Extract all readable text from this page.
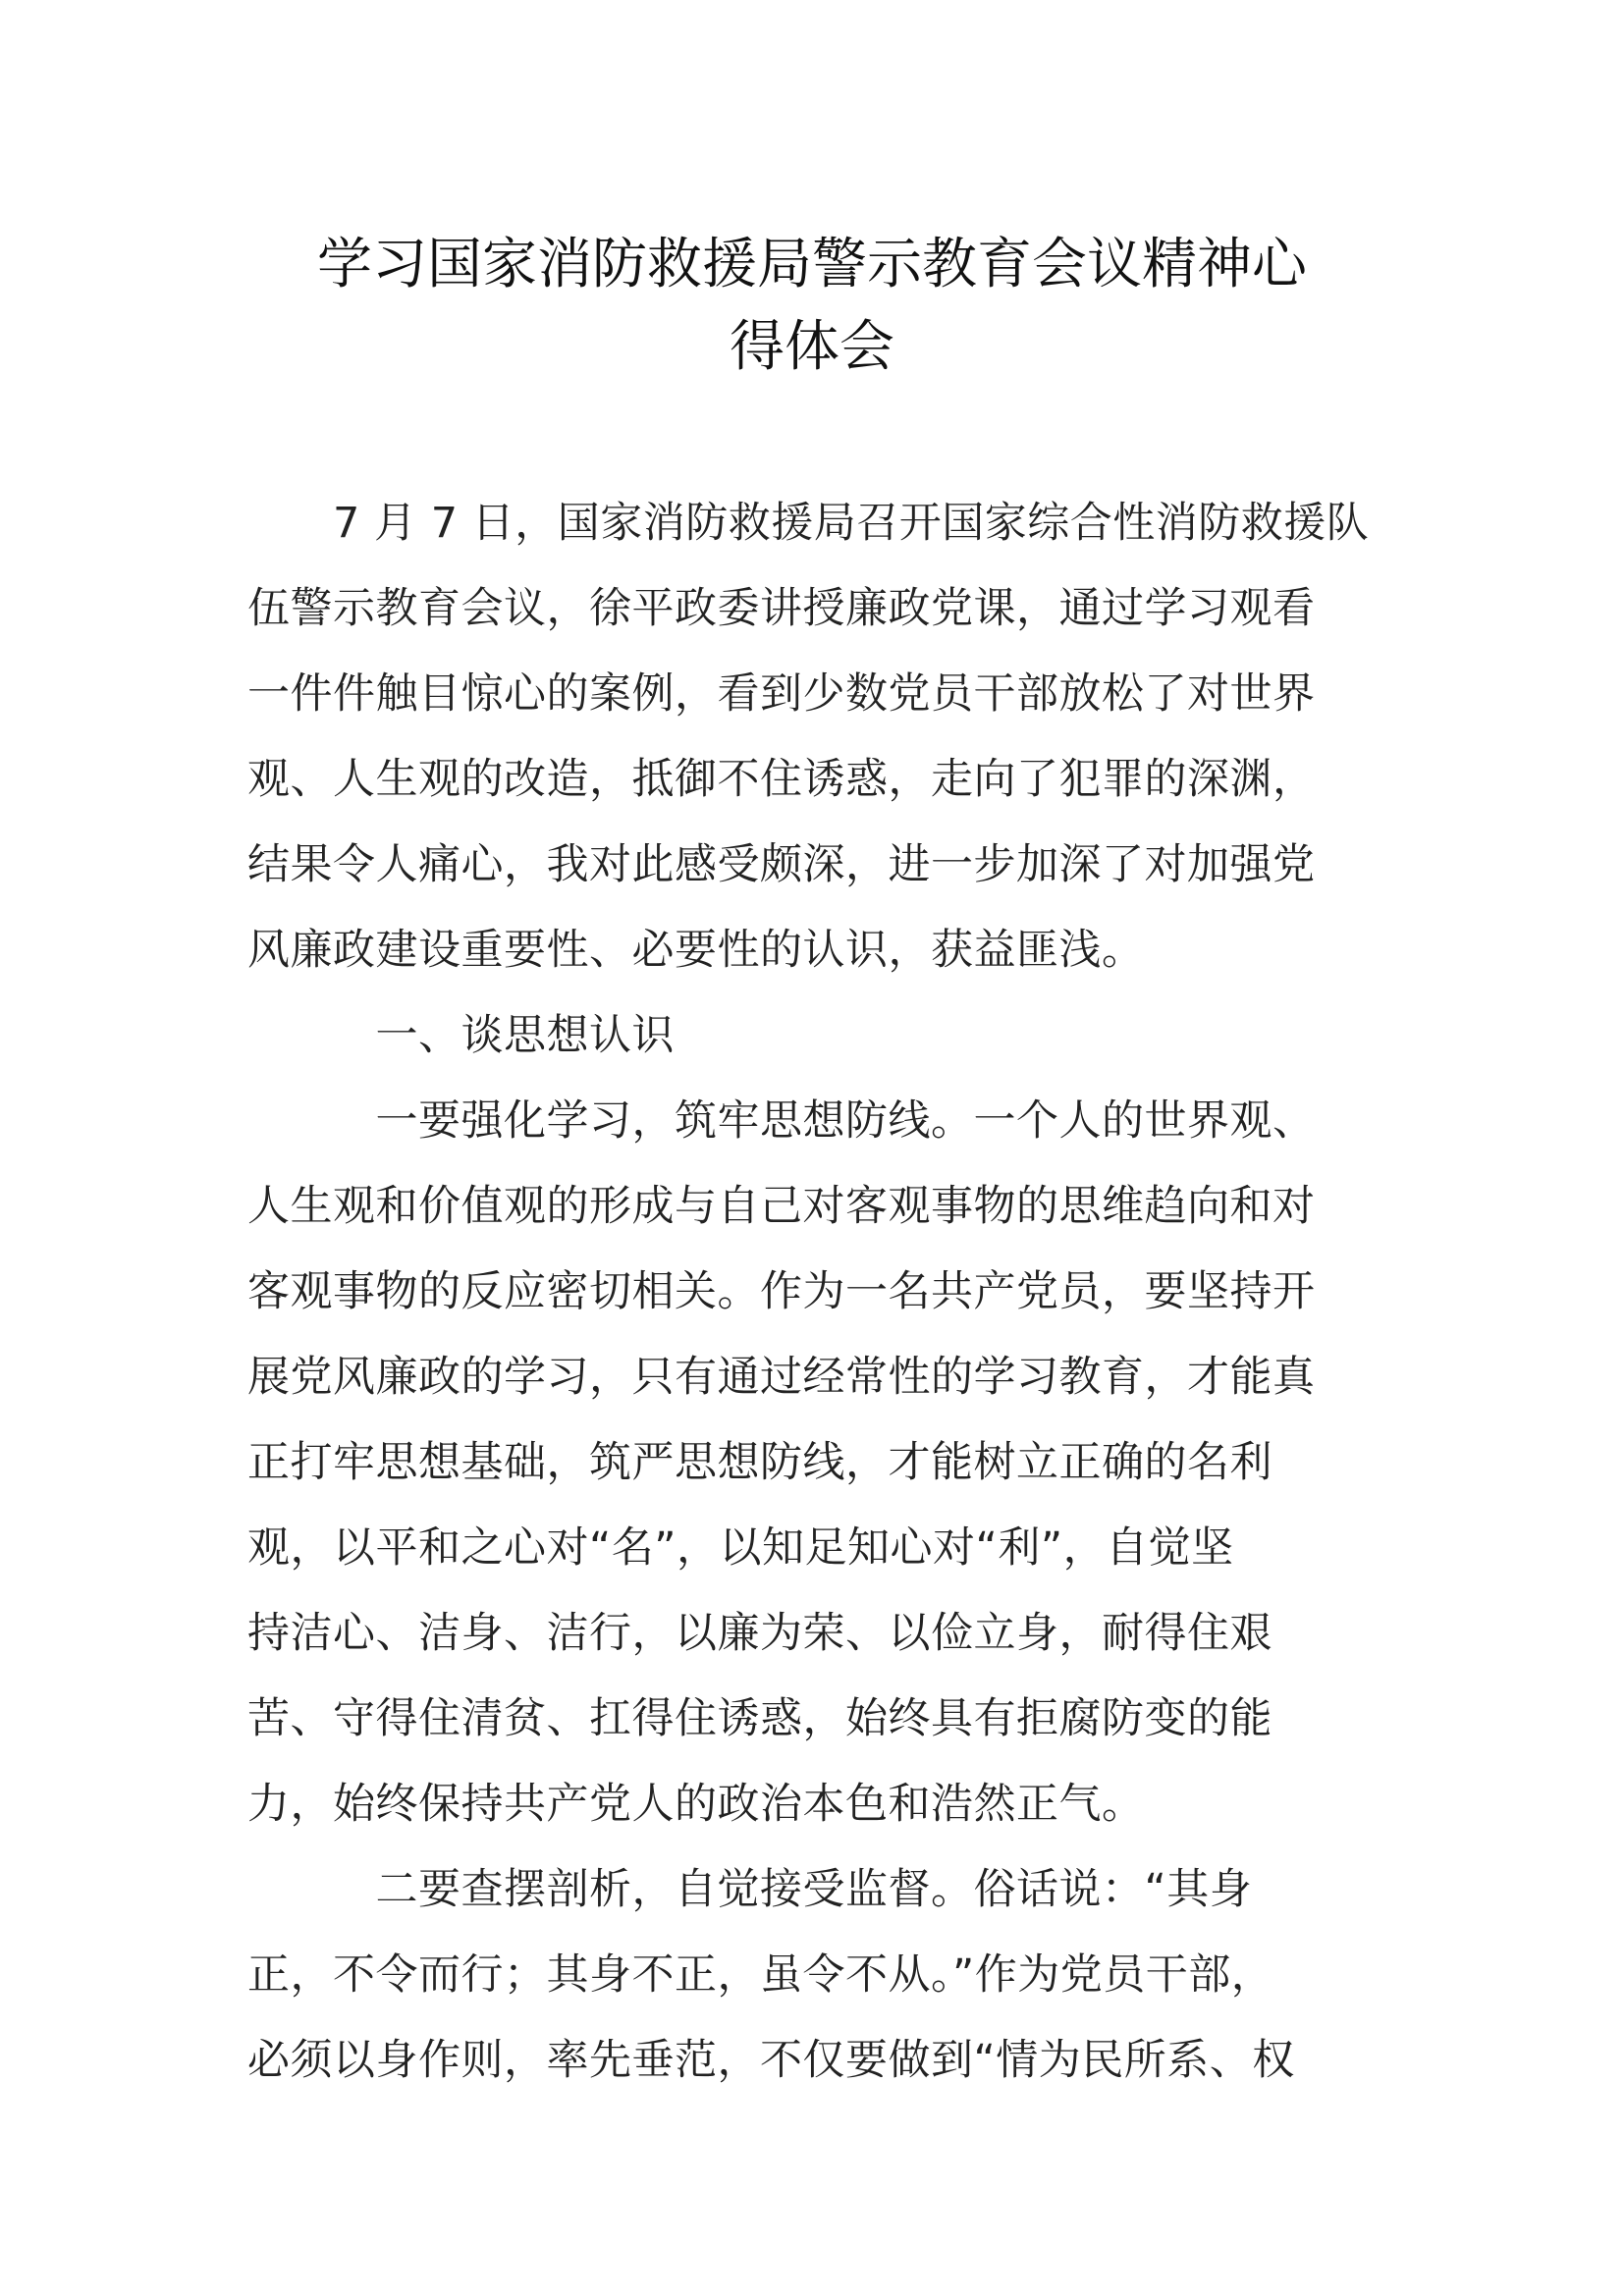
学习国家消防救援局警示教育会议精神心
得体会
　　7 月 7 日，国家消防救援局召开国家综合性消防救援队
伍警示教育会议，徐平政委讲授廉政党课，通过学习观看
一件件触目惊心的案例，看到少数党员干部放松了对世界
观、人生观的改造，抵御不住诱惑，走向了犯罪的深渊，
结果令人痛心，我对此感受颇深，进一步加深了对加强党
风廉政建设重要性、必要性的认识，获益匪浅。
　　　一、谈思想认识
　　　一要强化学习，筑牢思想防线。一个人的世界观、
人生观和价值观的形成与自己对客观事物的思维趋向和对
客观事物的反应密切相关。作为一名共产党员，要坚持开
展党风廉政的学习，只有通过经常性的学习教育，才能真
正打牢思想基础，筑严思想防线，才能树立正确的名利
观，以平和之心对“名”，以知足知心对“利”，自觉坚
持洁心、洁身、洁行，以廉为荣、以俭立身，耐得住艰
苦、守得住清贫、扛得住诱惑，始终具有拒腐防变的能
力，始终保持共产党人的政治本色和浩然正气。
　　　二要查摆剖析，自觉接受监督。俗话说：“其身
正，不令而行；其身不正，虽令不从。”作为党员干部，
必须以身作则，率先垂范，不仅要做到“情为民所系、权
